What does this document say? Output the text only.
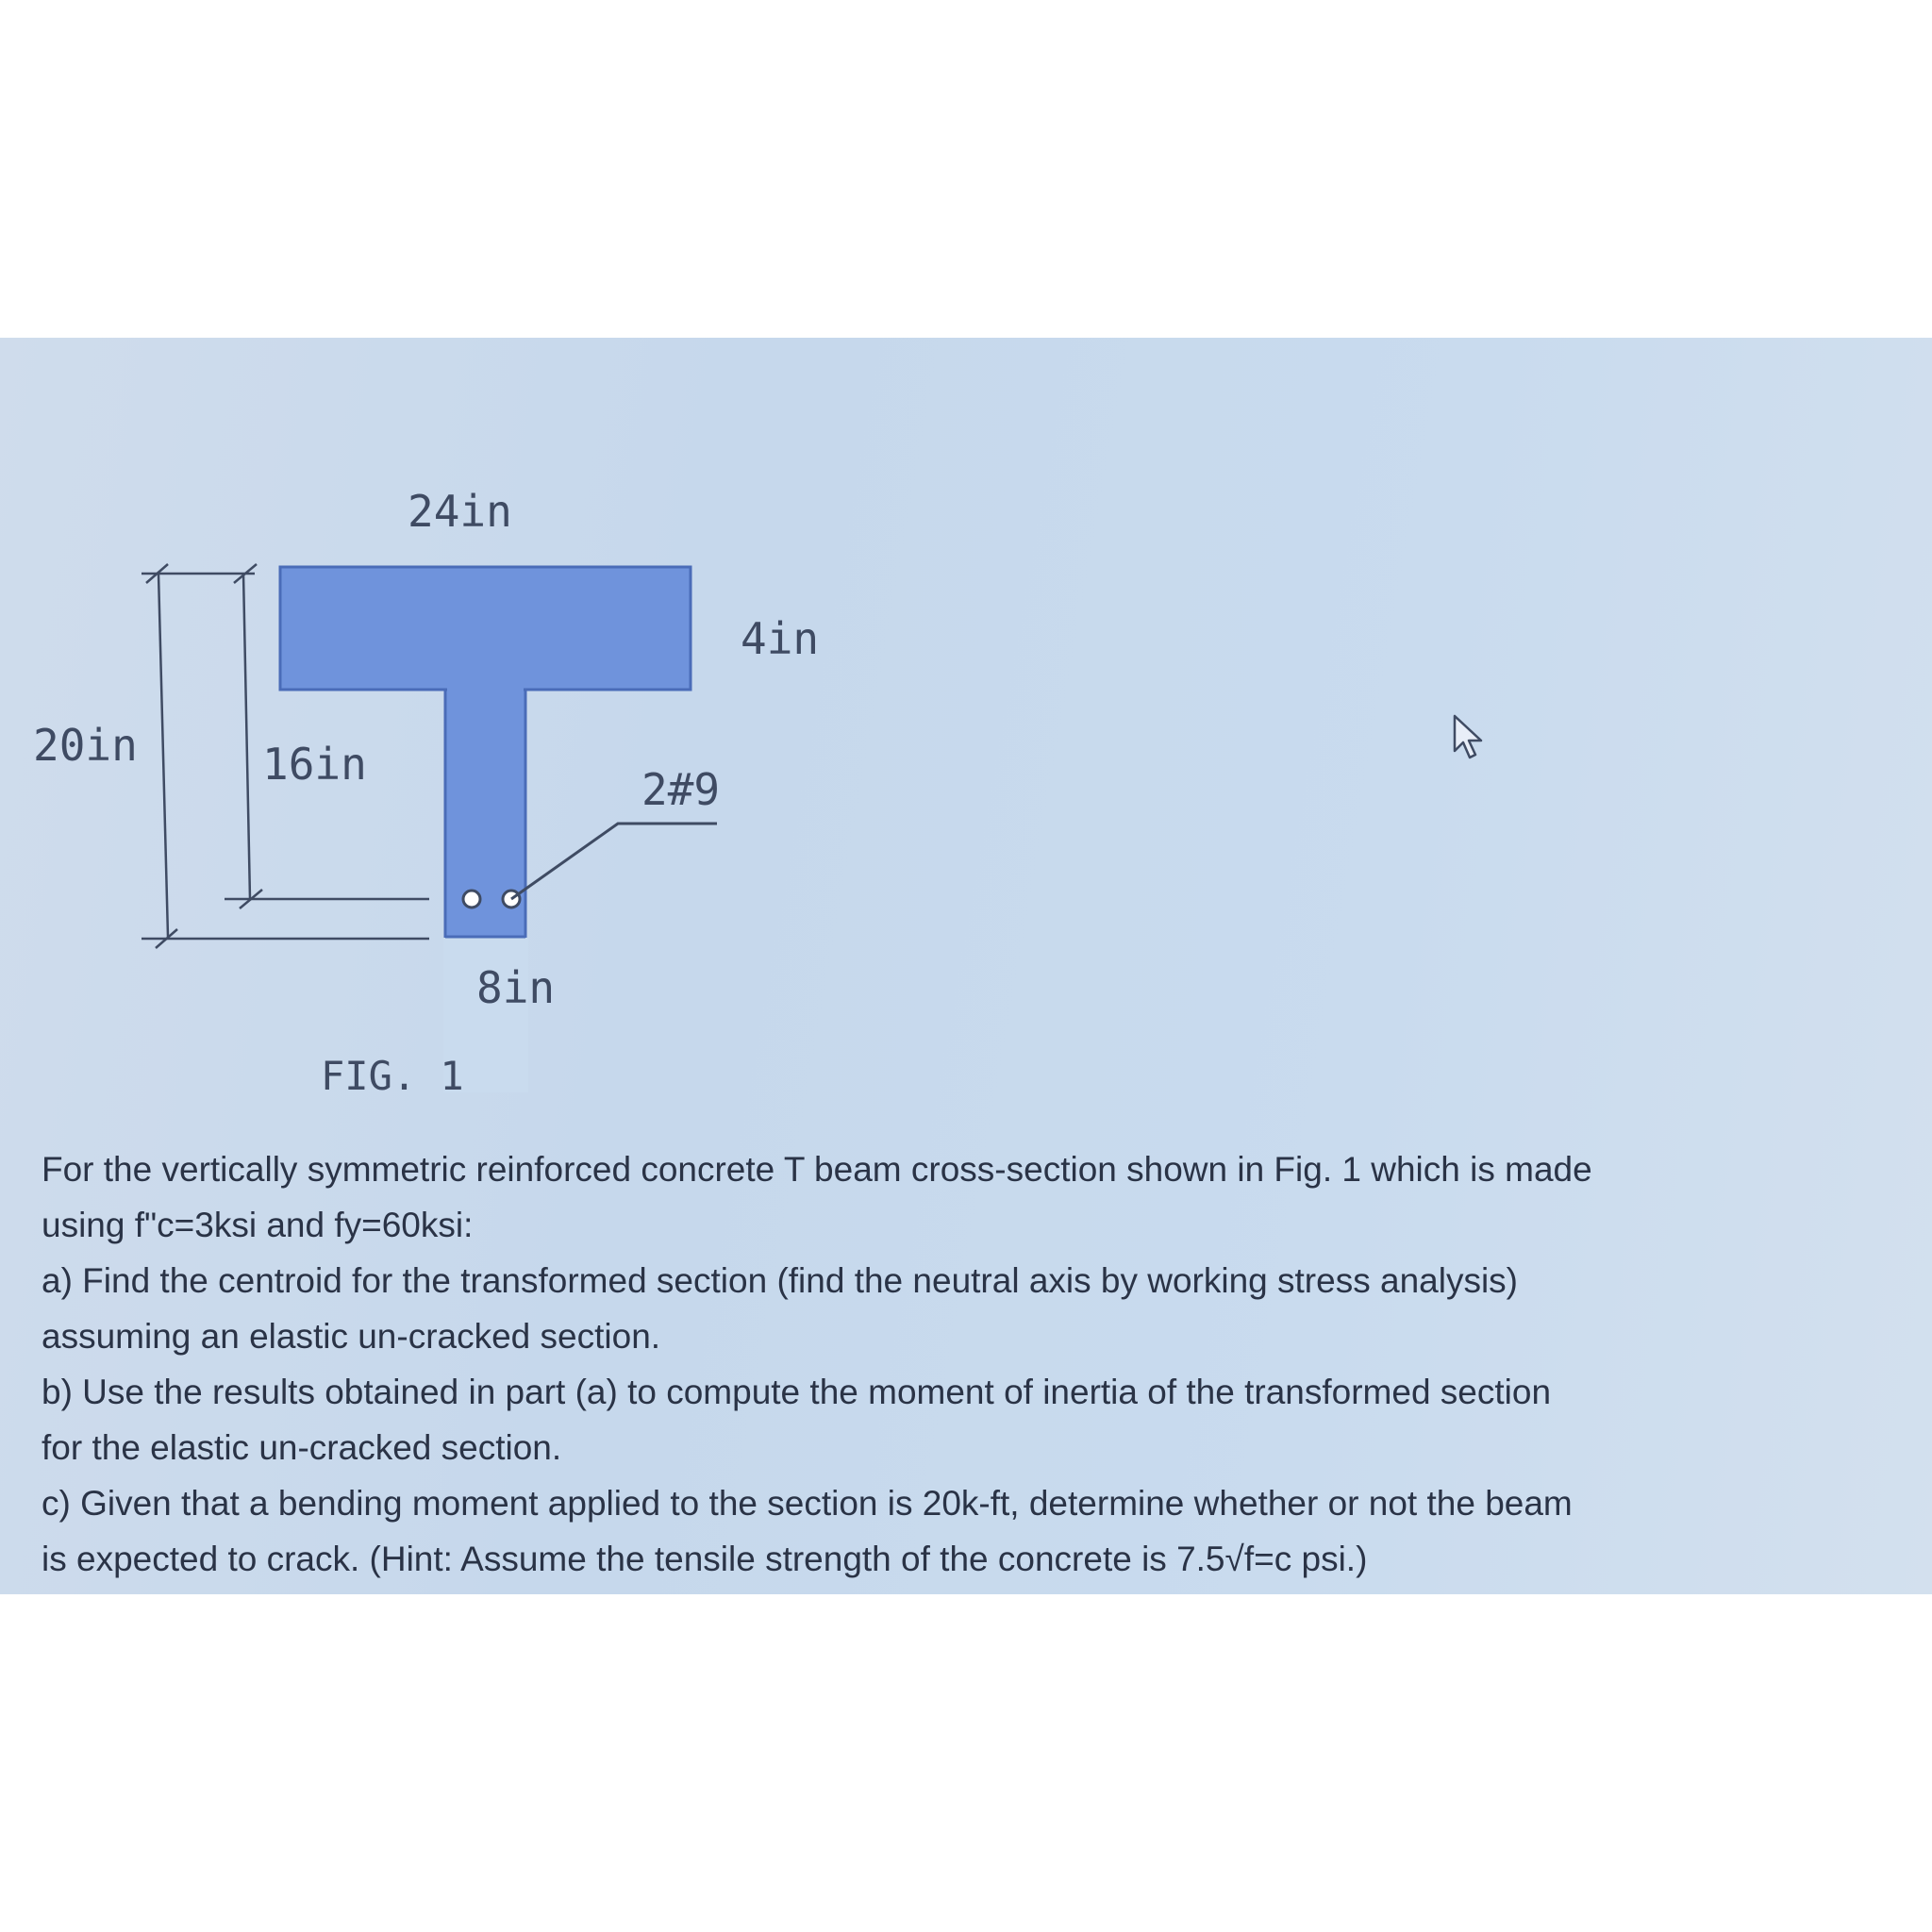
24in
4in
20in	16in	2#9
8in
FIG. 1

For the vertically symmetric reinforced concrete T beam cross-section shown in Fig. 1 which is made

using f"c=3ksi and fy=60ksi:

a) Find the centroid for the transformed section (find the neutral axis by working stress analysis)

assuming an elastic un-cracked section.

b) Use the results obtained in part (a) to compute the moment of inertia of the transformed section

for the elastic un-cracked section.

c) Given that a bending moment applied to the section is 20k-ft, determine whether or not the beam

is expected to crack. (Hint: Assume the tensile strength of the concrete is 7.5√f=c psi.)
